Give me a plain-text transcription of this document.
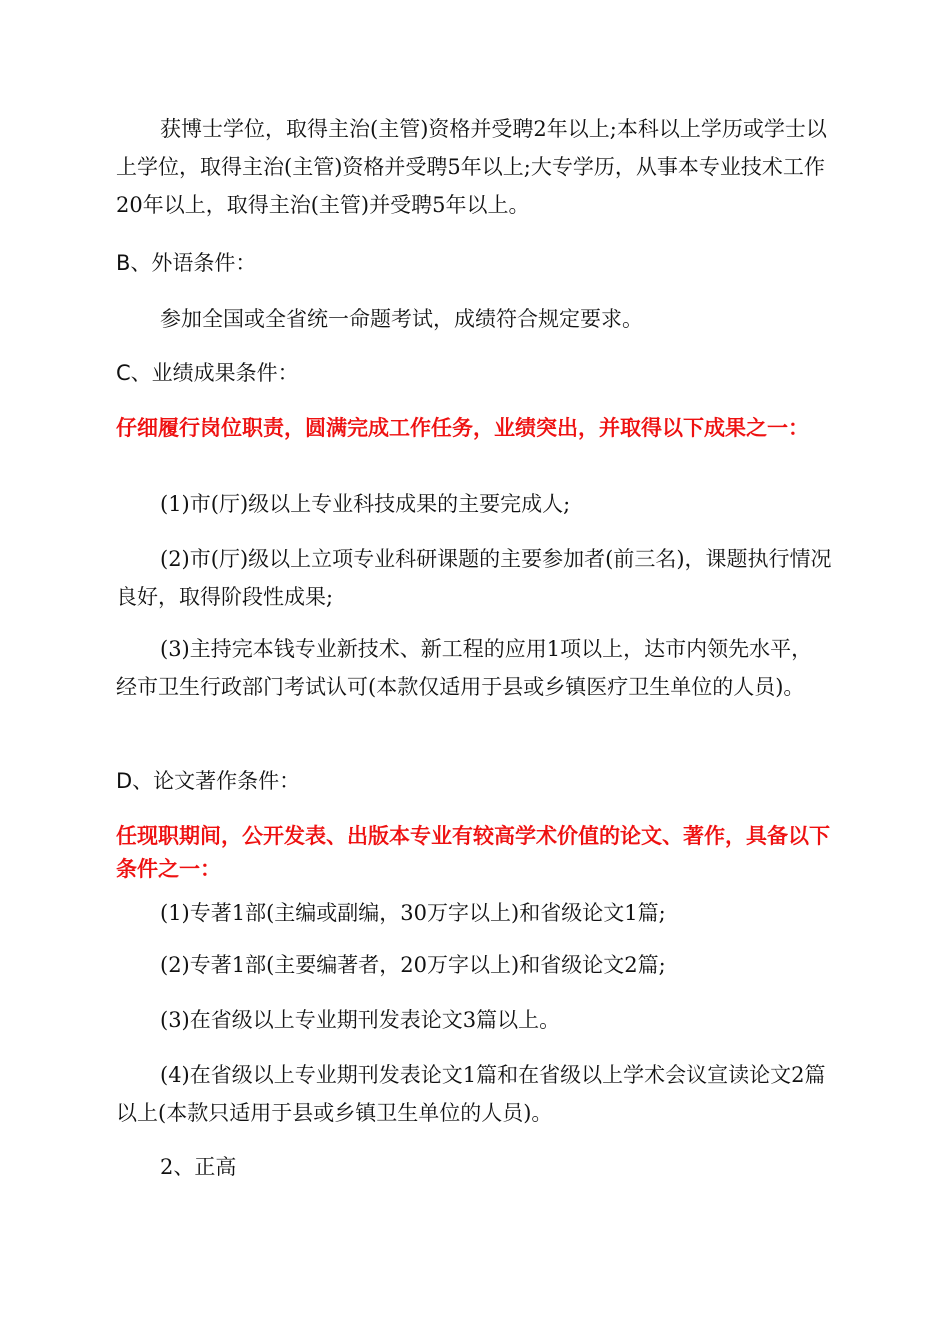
获博士学位，取得主治(主管)资格并受聘2年以上;本科以上学历或学士以上学位，取得主治(主管)资格并受聘5年以上;大专学历，从事本专业技术工作20年以上，取得主治(主管)并受聘5年以上。
B、外语条件：
参加全国或全省统一命题考试，成绩符合规定要求。
C、业绩成果条件：
仔细履行岗位职责，圆满完成工作任务，业绩突出，并取得以下成果之一：
(1)市(厅)级以上专业科技成果的主要完成人;
(2)市(厅)级以上立项专业科研课题的主要参加者(前三名)，课题执行情况良好，取得阶段性成果;
(3)主持完本钱专业新技术、新工程的应用1项以上，达市内领先水平，经市卫生行政部门考试认可(本款仅适用于县或乡镇医疗卫生单位的人员)。
D、论文著作条件：
任现职期间，公开发表、出版本专业有较高学术价值的论文、著作，具备以下条件之一：
(1)专著1部(主编或副编，30万字以上)和省级论文1篇;
(2)专著1部(主要编著者，20万字以上)和省级论文2篇;
(3)在省级以上专业期刊发表论文3篇以上。
(4)在省级以上专业期刊发表论文1篇和在省级以上学术会议宣读论文2篇以上(本款只适用于县或乡镇卫生单位的人员)。
2、正高
